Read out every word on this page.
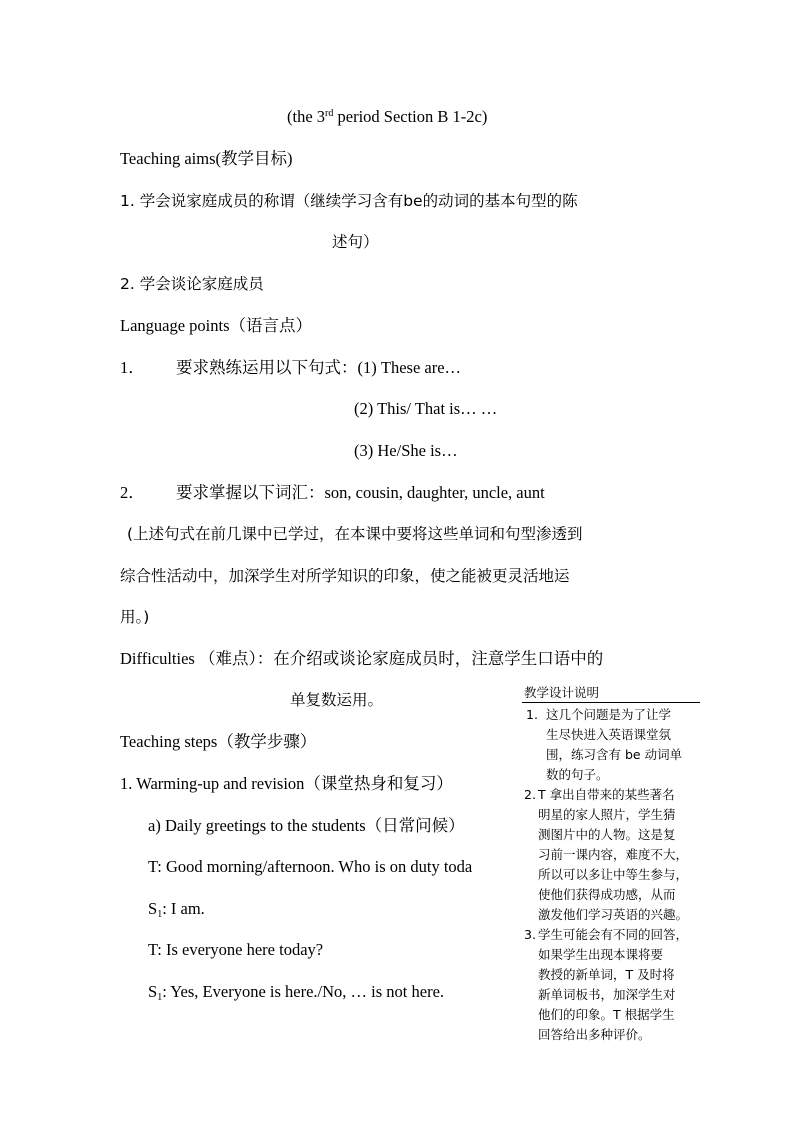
(the 3rd period Section B 1-2c)
Teaching aims(教学目标)
1. 学会说家庭成员的称谓（继续学习含有be的动词的基本句型的陈
述句）
2. 学会谈论家庭成员
Language points（语言点）
1． 要求熟练运用以下句式：(1) These are…
(2) This/ That is… …
(3) He/She is…
2． 要求掌握以下词汇：son, cousin, daughter, uncle, aunt
(上述句式在前几课中已学过，在本课中要将这些单词和句型渗透到
综合性活动中，加深学生对所学知识的印象，使之能被更灵活地运
用。)
Difficulties （难点）：在介绍或谈论家庭成员时，注意学生口语中的
单复数运用。
Teaching steps（教学步骤）
1. Warming-up and revision（课堂热身和复习）
a) Daily greetings to the students（日常问候）
T: Good morning/afternoon. Who is on duty toda
$S_1$: I am.
T: Is everyone here today?
$S_1$: Yes, Everyone is here./No, … is not here.
教学设计说明
1. 这几个问题是为了让学
生尽快进入英语课堂氛
围，练习含有 be 动词单
数的句子。
2. T 拿出自带来的某些著名
明星的家人照片，学生猜
测图片中的人物。这是复
习前一课内容，难度不大，
所以可以多让中等生参与，
使他们获得成功感，从而
激发他们学习英语的兴趣。
3. 学生可能会有不同的回答，
如果学生出现本课将要
教授的新单词，T 及时将
新单词板书，加深学生对
他们的印象。T 根据学生
回答给出多种评价。
